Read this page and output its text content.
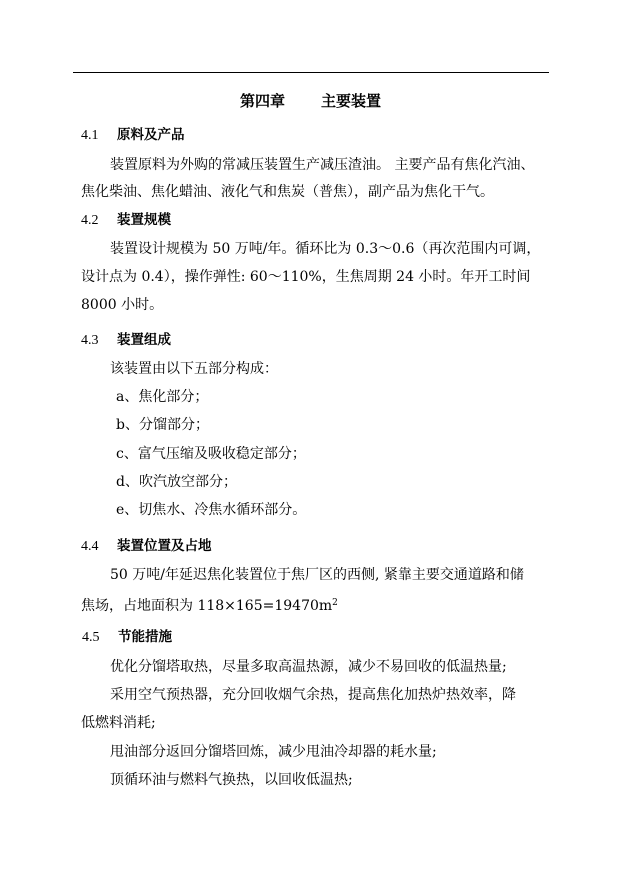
第四章 主要装置
4.1 原料及产品
装置原料为外购的常减压装置生产减压渣油。 主要产品有焦化汽油、
焦化柴油、焦化蜡油、液化气和焦炭（普焦），副产品为焦化干气。
4.2 装置规模
装置设计规模为 50 万吨/年。循环比为 0.3～0.6（再次范围内可调，
设计点为 0.4），操作弹性: 60～110%，生焦周期 24 小时。年开工时间
8000 小时。
4.3 装置组成
该装置由以下五部分构成：
a、焦化部分；
b、分馏部分；
c、富气压缩及吸收稳定部分；
d、吹汽放空部分；
e、切焦水、冷焦水循环部分。
4.4 装置位置及占地
50 万吨/年延迟焦化装置位于焦厂区的西侧, 紧靠主要交通道路和储
焦场，占地面积为 $118\times 165=19470m^2$
4.5 节能措施
优化分馏塔取热，尽量多取高温热源，减少不易回收的低温热量;
采用空气预热器，充分回收烟气余热，提高焦化加热炉热效率，降
低燃料消耗;
甩油部分返回分馏塔回炼，减少甩油冷却器的耗水量;
顶循环油与燃料气换热，以回收低温热;
